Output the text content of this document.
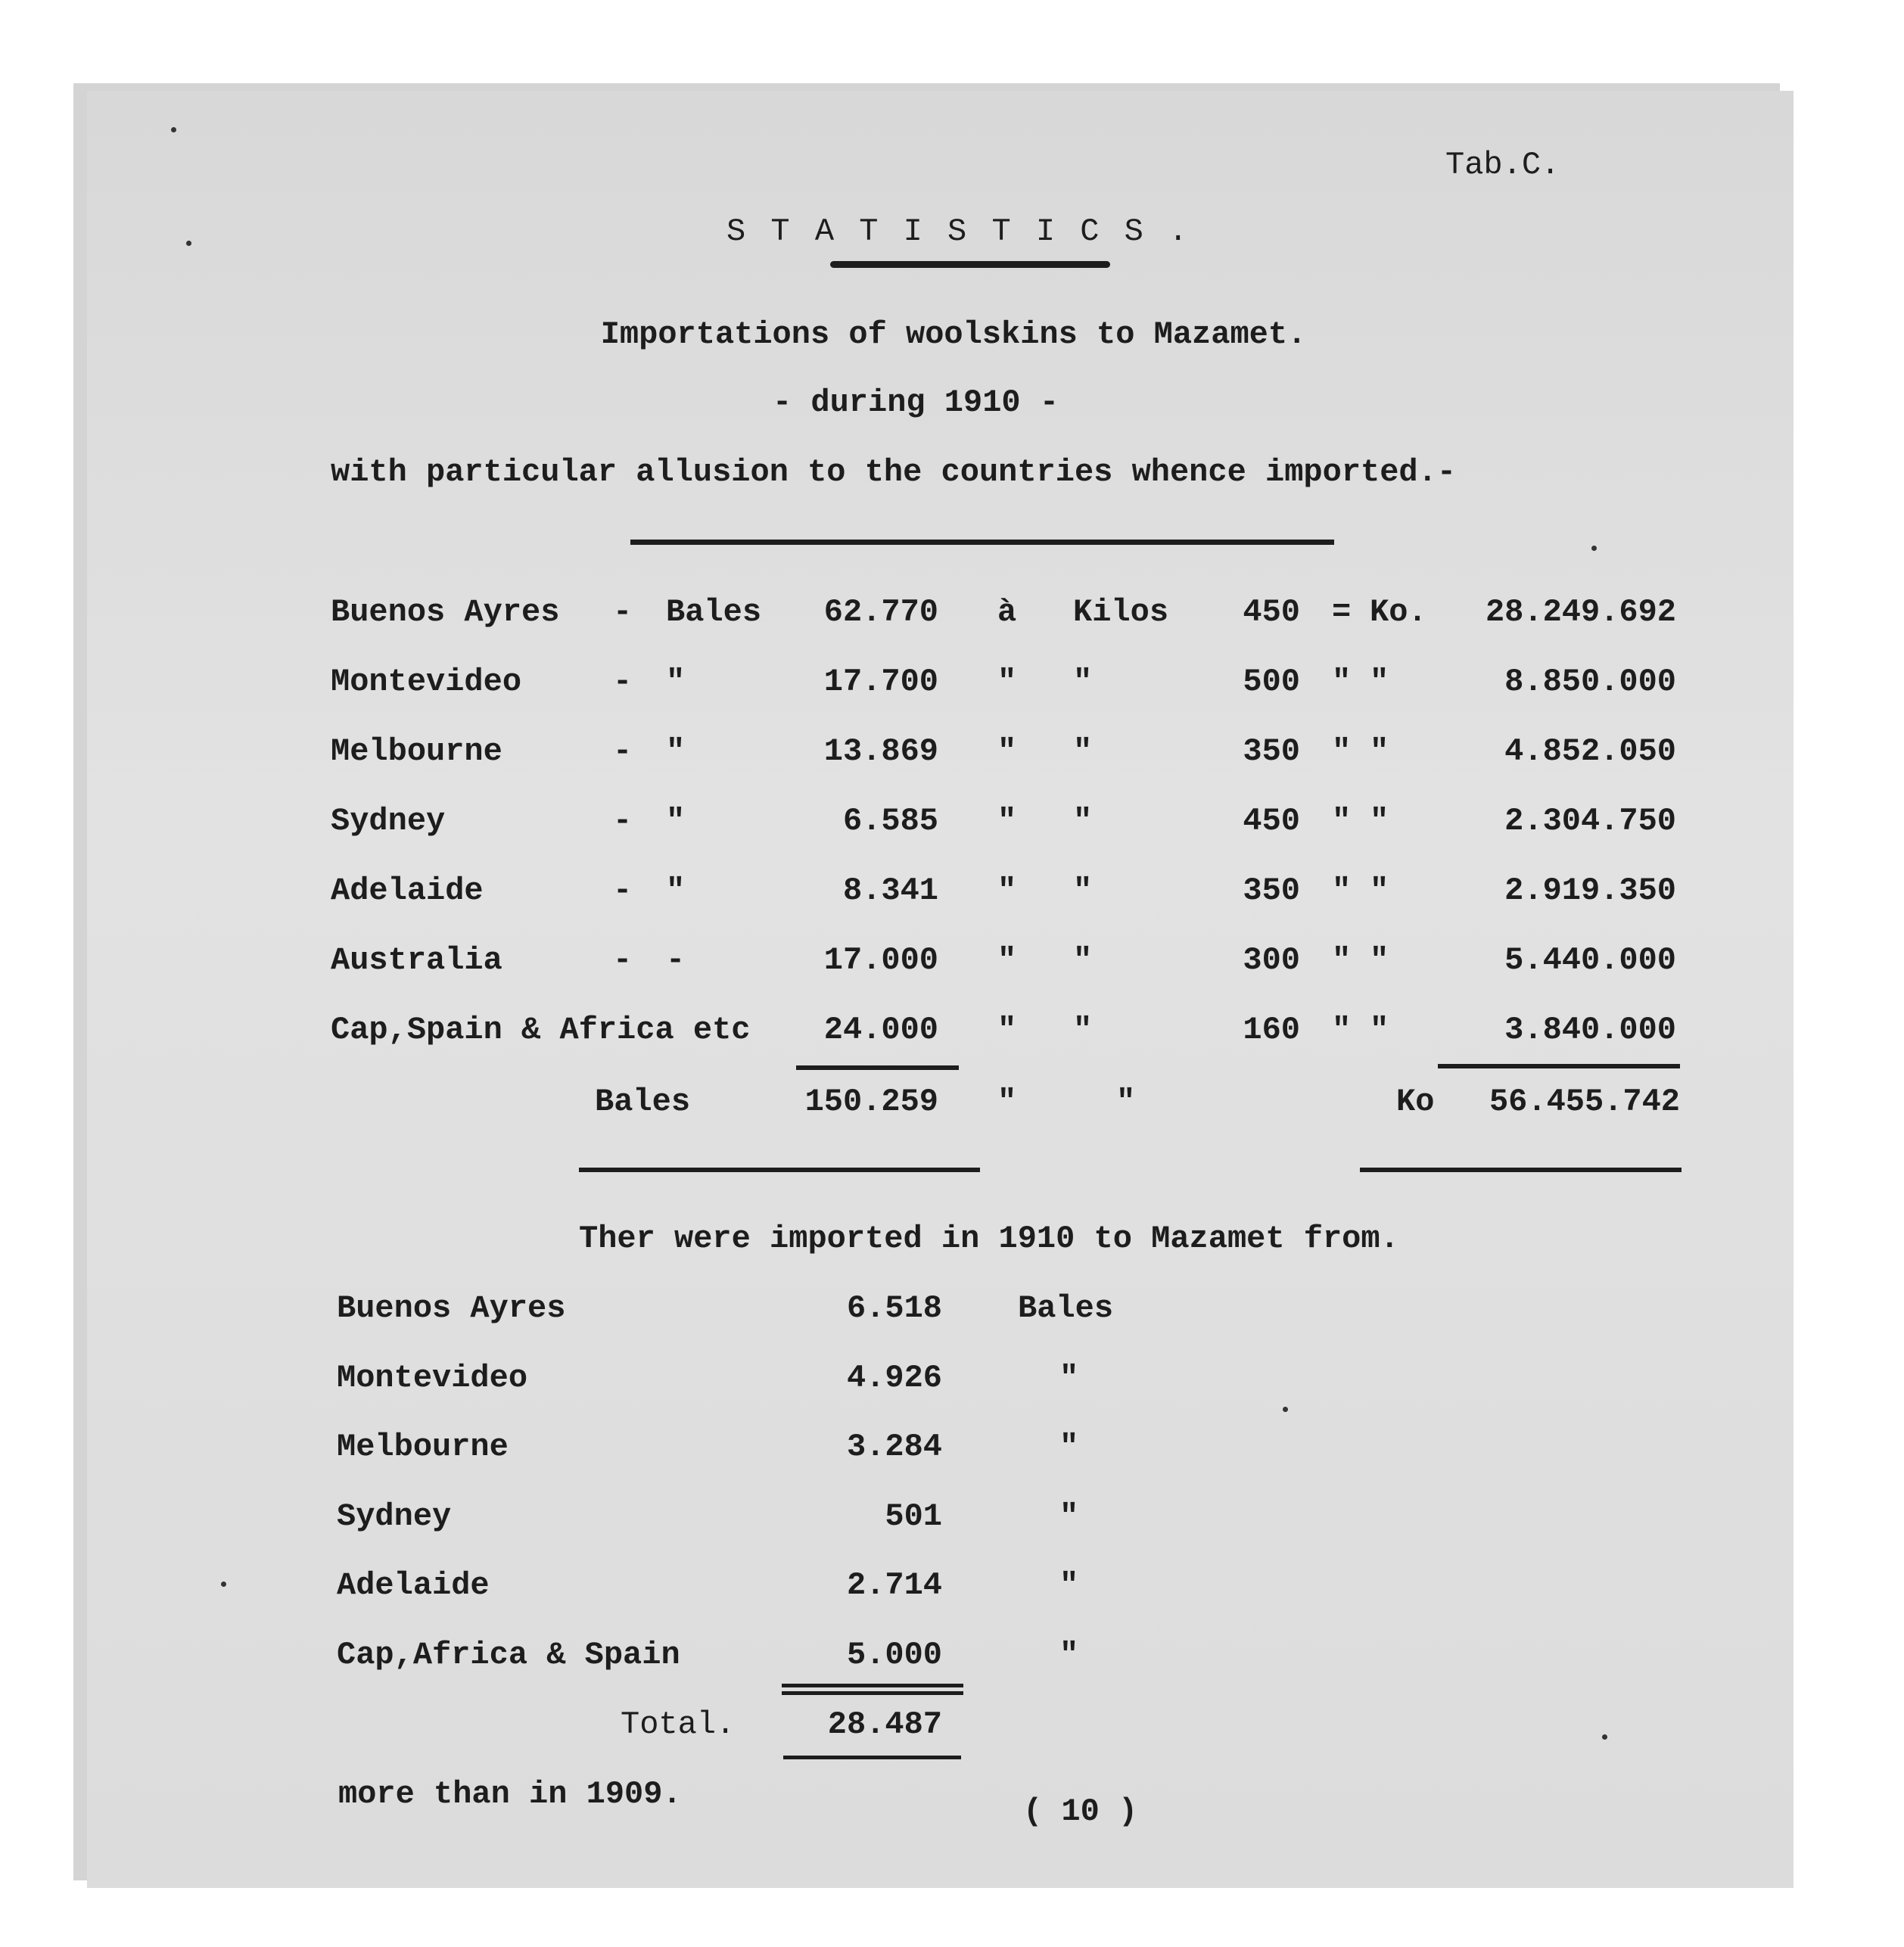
Tab.C.
S T A T I S T I C S .
Importations of woolskins to Mazamet.
- during 1910 -
with particular allusion to the countries whence imported.-
Buenos Ayres - Bales	62.770 à Kilos	450 = Ko.	28.249.692
Montevideo	- "	17.700 " "	500 " "	8.850.000
Melbourne	- "	13.869 " "	350 " "	4.852.050
Sydney	- "	6.585 " "	450 " "	2.304.750
Adelaide	- "	8.341 " "	350 " "	2.919.350
Australia	- -	17.000 " "	300 " "	5.440.000
Cap,Spain & Africa etc	24.000 " "	160 " "	3.840.000
Bales	150.259 "	"	Ko	56.455.742
Ther were imported in 1910 to Mazamet from.
Buenos Ayres	6.518 Bales
Montevideo	4.926	"
Melbourne	3.284	"
Sydney	501	"
Adelaide	2.714	"
Cap,Africa & Spain	5.000	"
Total.	28.487
more than in 1909.	( 10 )
